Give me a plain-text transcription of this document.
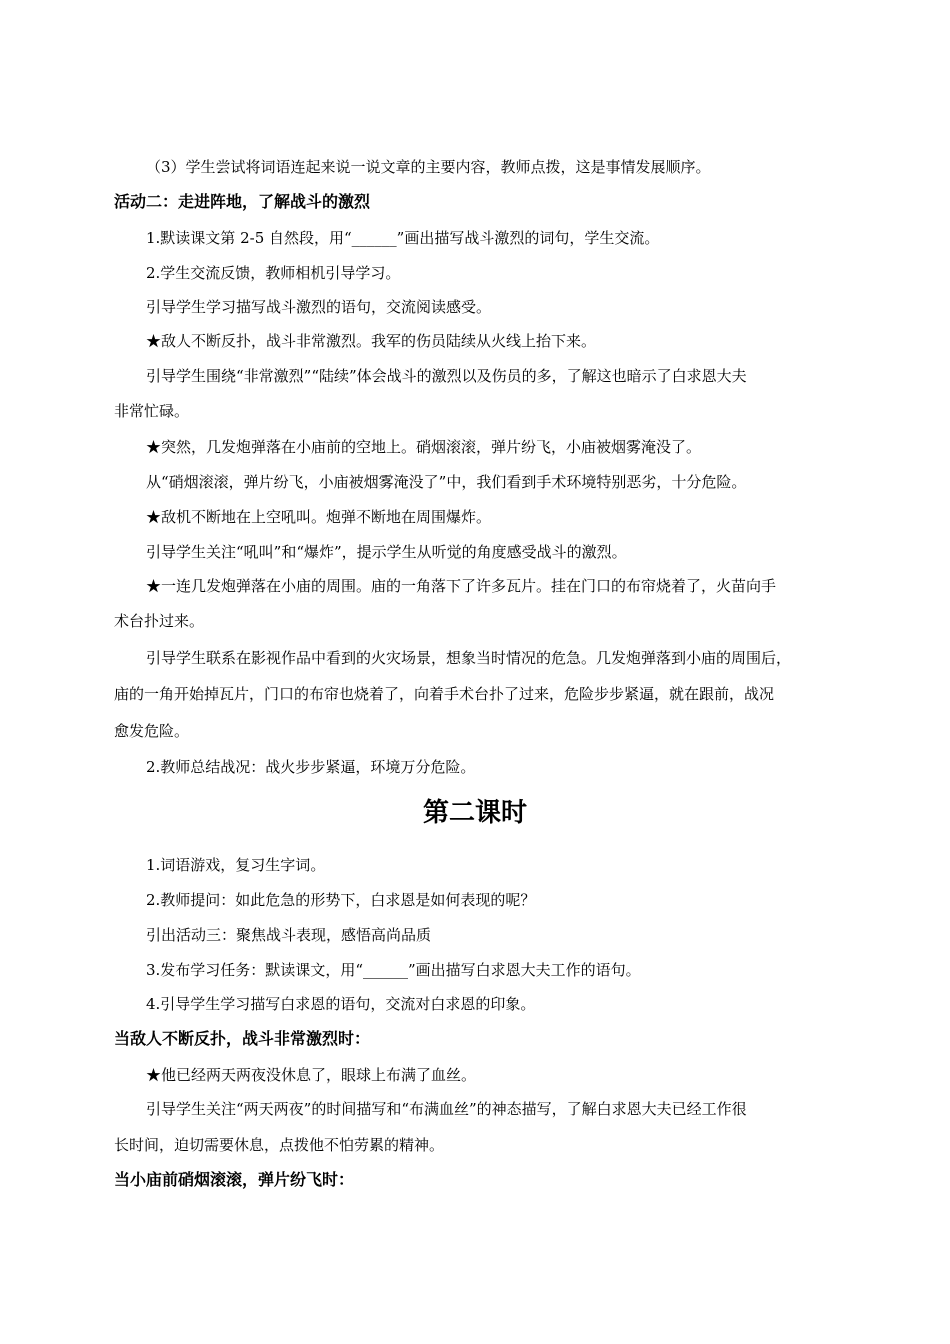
（3）学生尝试将词语连起来说一说文章的主要内容，教师点拨，这是事情发展顺序。
活动二：走进阵地，了解战斗的激烈
1.默读课文第 2-5 自然段，用“______”画出描写战斗激烈的词句，学生交流。
2.学生交流反馈，教师相机引导学习。
引导学生学习描写战斗激烈的语句，交流阅读感受。
★敌人不断反扑，战斗非常激烈。我军的伤员陆续从火线上抬下来。
引导学生围绕“非常激烈”“陆续”体会战斗的激烈以及伤员的多，了解这也暗示了白求恩大夫
非常忙碌。
★突然，几发炮弹落在小庙前的空地上。硝烟滚滚，弹片纷飞，小庙被烟雾淹没了。
从“硝烟滚滚，弹片纷飞，小庙被烟雾淹没了”中，我们看到手术环境特别恶劣，十分危险。
★敌机不断地在上空吼叫。炮弹不断地在周围爆炸。
引导学生关注“吼叫”和“爆炸”，提示学生从听觉的角度感受战斗的激烈。
★一连几发炮弹落在小庙的周围。庙的一角落下了许多瓦片。挂在门口的布帘烧着了，火苗向手
术台扑过来。
引导学生联系在影视作品中看到的火灾场景，想象当时情况的危急。几发炮弹落到小庙的周围后，
庙的一角开始掉瓦片，门口的布帘也烧着了，向着手术台扑了过来，危险步步紧逼，就在跟前，战况
愈发危险。
2.教师总结战况：战火步步紧逼，环境万分危险。
第二课时
1.词语游戏，复习生字词。
2.教师提问：如此危急的形势下，白求恩是如何表现的呢？
引出活动三：聚焦战斗表现，感悟高尚品质
3.发布学习任务：默读课文，用“______”画出描写白求恩大夫工作的语句。
4.引导学生学习描写白求恩的语句，交流对白求恩的印象。
当敌人不断反扑，战斗非常激烈时：
★他已经两天两夜没休息了，眼球上布满了血丝。
引导学生关注“两天两夜”的时间描写和“布满血丝”的神态描写，了解白求恩大夫已经工作很
长时间，迫切需要休息，点拨他不怕劳累的精神。
当小庙前硝烟滚滚，弹片纷飞时：
